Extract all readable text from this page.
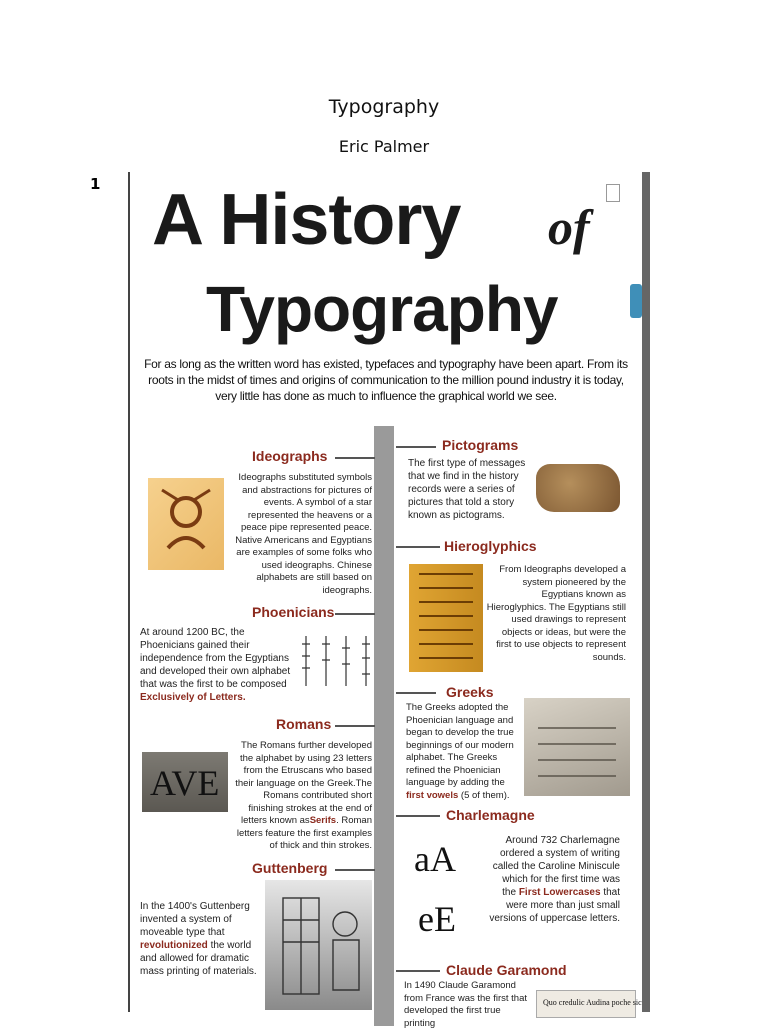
Typography
Eric Palmer
1 A History of
Typography
For as long as the written word has existed, typefaces and typography have been apart. From its roots in the midst of times and origins of communication to the million pound industry it is today, very little has done as much to influence the graphical world we see.
Ideographs
Ideographs substituted symbols and abstractions for pictures of events. A symbol of a star represented the heavens or a peace pipe represented peace. Native Americans and Egyptians are examples of some folks who used ideographs. Chinese alphabets are still based on ideographs.
Pictograms
The first type of messages that we find in the history records were a series of pictures that told a story known as pictograms.
Hieroglyphics
From Ideographs developed a system pioneered by the Egyptians known as Hieroglyphics. The Egyptians still used drawings to represent objects or ideas, but were the first to use objects to represent sounds.
Phoenicians
At around 1200 BC, the Phoenicians gained their independence from the Egyptians and developed their own alphabet that was the first to be composed Exclusively of Letters.	Greeks
The Greeks adopted the Phoenician language and began to develop the true beginnings of our modern alphabet. The Greeks refined the Phoenician language by adding the first vowels (5 of them).
Romans
AVE
The Romans further developed the alphabet by using 23 letters from the Etruscans who based their language on the Greek.The Romans contributed short finishing strokes at the end of letters known asSerifs. Roman letters feature the first examples of thick and thin strokes.
Charlemagne
aA
eE
Around 732 Charlemagne ordered a system of writing called the Caroline Miniscule which for the first time was the First Lowercases that were more than just small versions of uppercase letters.
Guttenberg
In the 1400's Guttenberg invented a system of moveable type that revolutionized the world and allowed for dramatic mass printing of materials.	Claude Garamond
In 1490 Claude Garamond from France was the first that developed the first true printing
Quo credulic Audina poche sic
